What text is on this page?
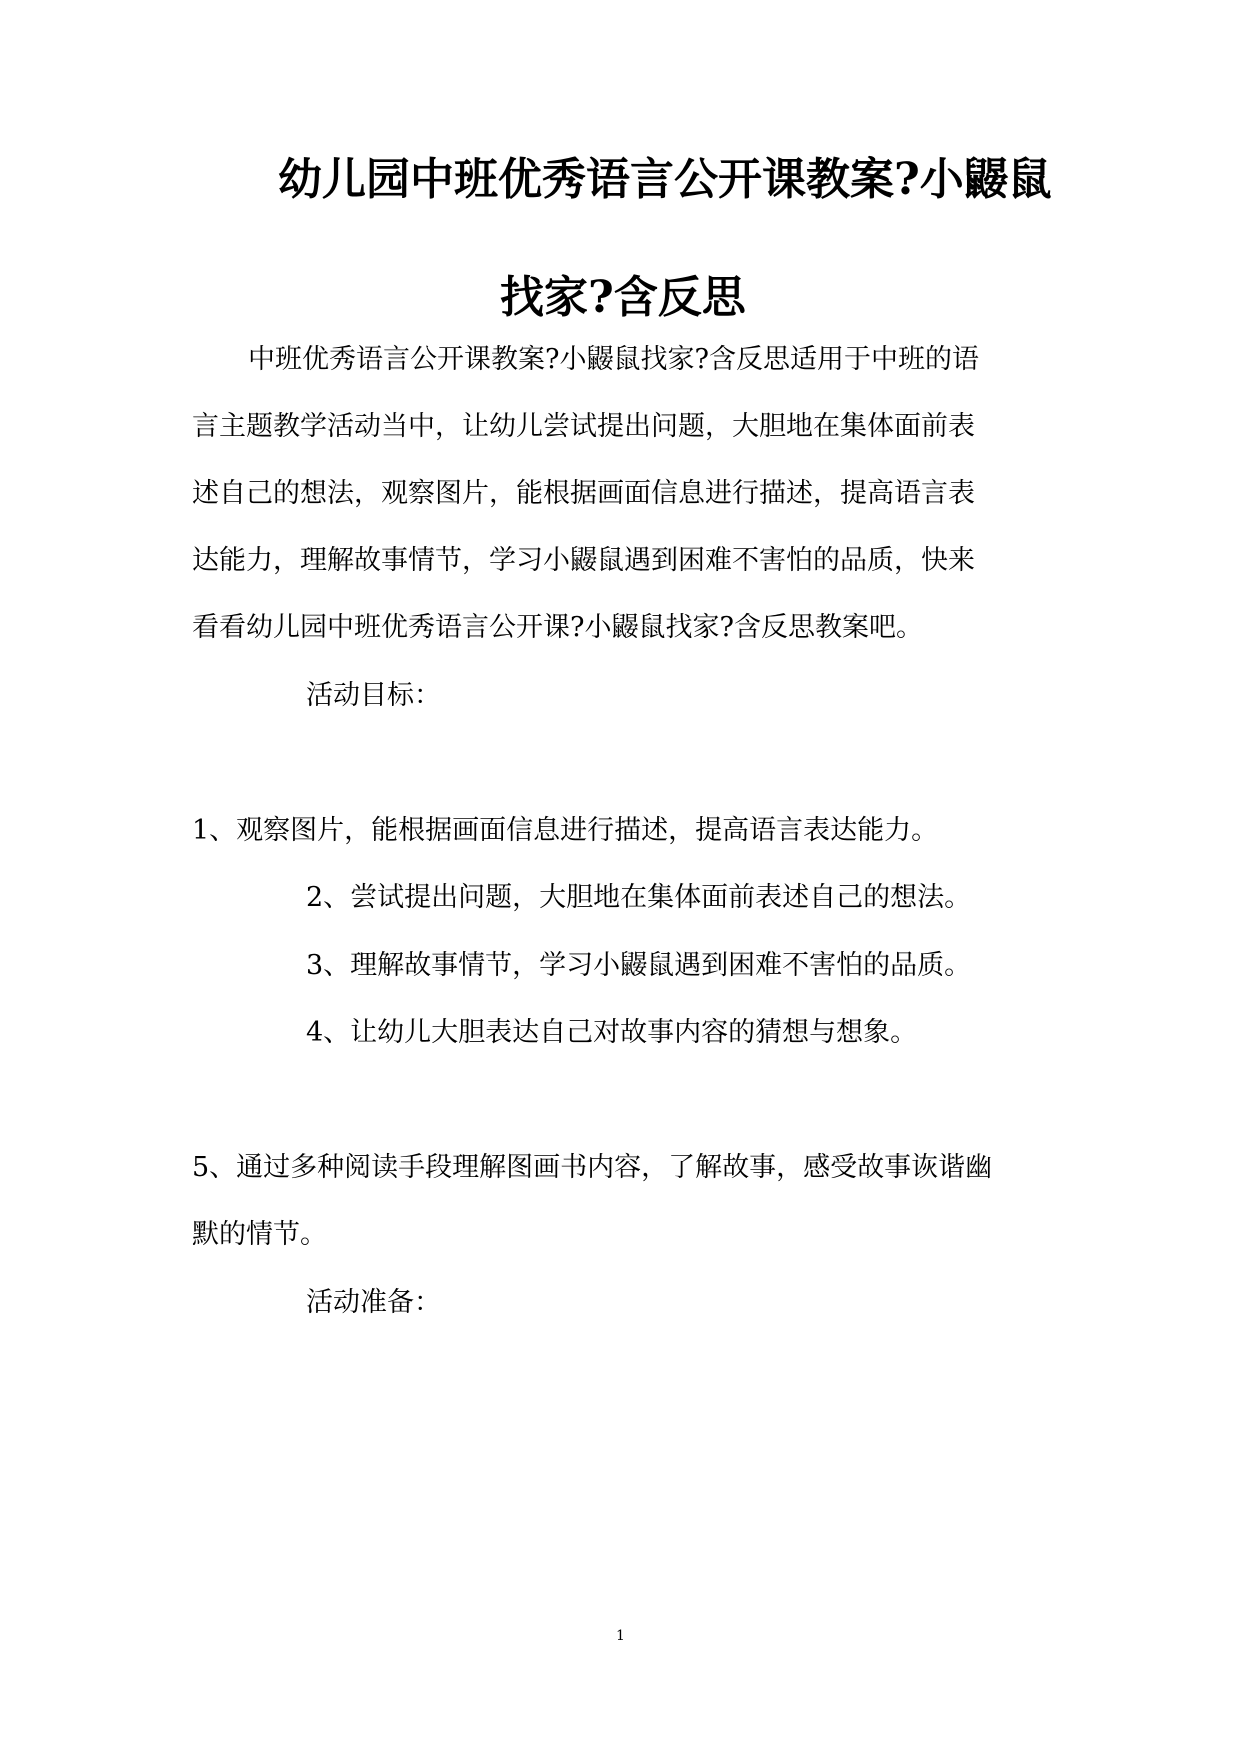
幼儿园中班优秀语言公开课教案?小鼹鼠
找家?含反思
中班优秀语言公开课教案?小鼹鼠找家?含反思适用于中班的语
言主题教学活动当中，让幼儿尝试提出问题，大胆地在集体面前表
述自己的想法，观察图片，能根据画面信息进行描述，提高语言表
达能力，理解故事情节，学习小鼹鼠遇到困难不害怕的品质，快来
看看幼儿园中班优秀语言公开课?小鼹鼠找家?含反思教案吧。
活动目标：
1、观察图片，能根据画面信息进行描述，提高语言表达能力。
2、尝试提出问题，大胆地在集体面前表述自己的想法。
3、理解故事情节，学习小鼹鼠遇到困难不害怕的品质。
4、让幼儿大胆表达自己对故事内容的猜想与想象。
5、通过多种阅读手段理解图画书内容，了解故事，感受故事诙谐幽
默的情节。
活动准备：
1
